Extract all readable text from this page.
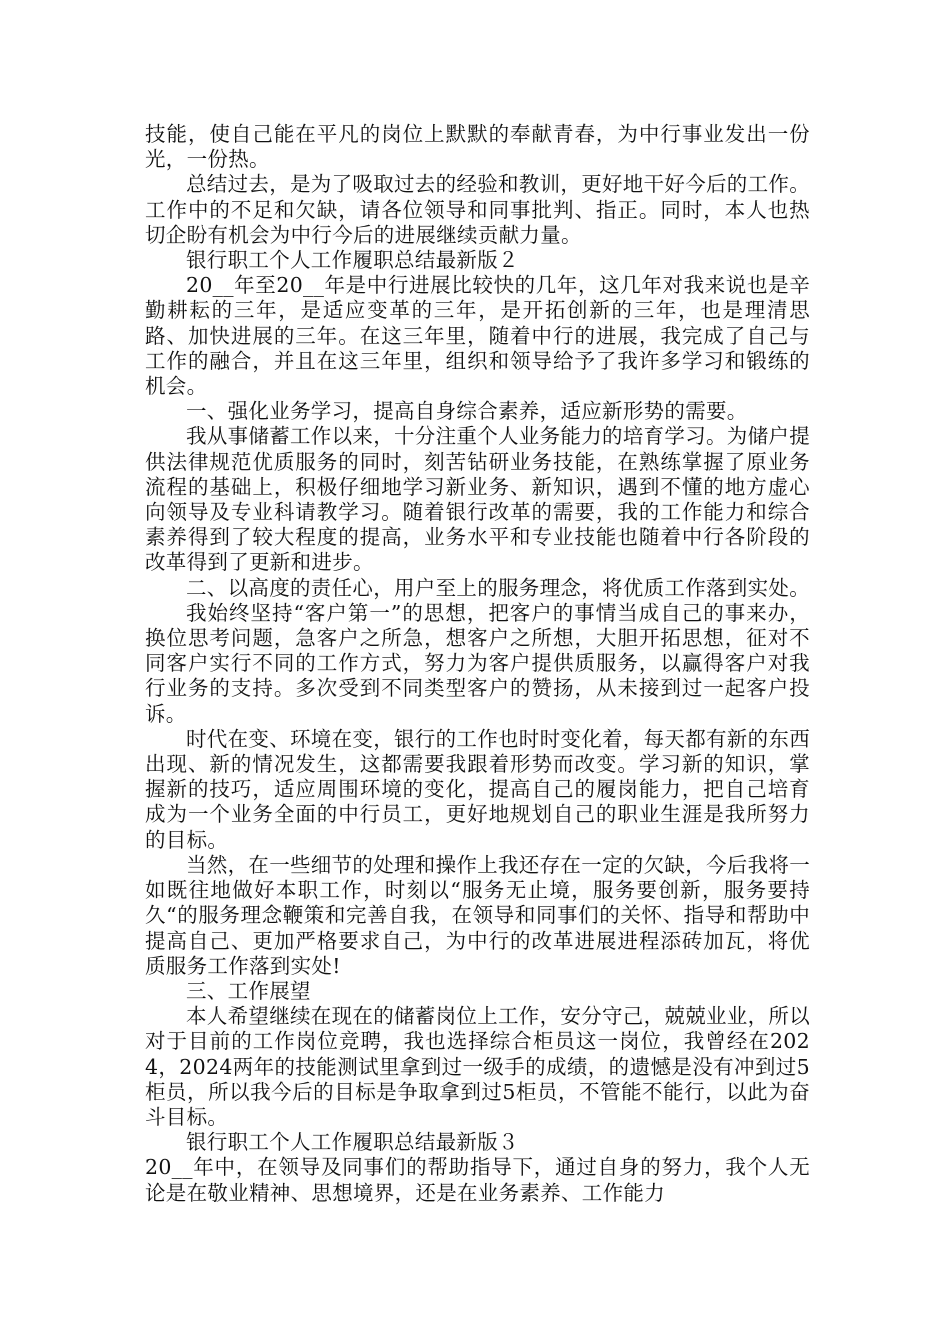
技能，使自己能在平凡的岗位上默默的奉献青春，为中行事业发出一份光，一份热。

总结过去，是为了吸取过去的经验和教训，更好地干好今后的工作。工作中的不足和欠缺，请各位领导和同事批判、指正。同时，本人也热切企盼有机会为中行今后的进展继续贡献力量。

银行职工个人工作履职总结最新版２

20__年至20__年是中行进展比较快的几年，这几年对我来说也是辛勤耕耘的三年，是适应变革的三年，是开拓创新的三年，也是理清思路、加快进展的三年。在这三年里，随着中行的进展，我完成了自己与工作的融合，并且在这三年里，组织和领导给予了我许多学习和锻练的机会。

一、强化业务学习，提高自身综合素养，适应新形势的需要。

我从事储蓄工作以来，十分注重个人业务能力的培育学习。为储户提供法律规范优质服务的同时，刻苦钻研业务技能，在熟练掌握了原业务流程的基础上，积极仔细地学习新业务、新知识，遇到不懂的地方虚心向领导及专业科请教学习。随着银行改革的需要，我的工作能力和综合素养得到了较大程度的提高，业务水平和专业技能也随着中行各阶段的改革得到了更新和进步。

二、以高度的责任心，用户至上的服务理念，将优质工作落到实处。

我始终坚持“客户第一”的思想，把客户的事情当成自己的事来办，换位思考问题，急客户之所急，想客户之所想，大胆开拓思想，征对不同客户实行不同的工作方式，努力为客户提供质服务，以赢得客户对我行业务的支持。多次受到不同类型客户的赞扬，从未接到过一起客户投诉。

时代在变、环境在变，银行的工作也时时变化着，每天都有新的东西出现、新的情况发生，这都需要我跟着形势而改变。学习新的知识，掌握新的技巧，适应周围环境的变化，提高自己的履岗能力，把自己培育成为一个业务全面的中行员工，更好地规划自己的职业生涯是我所努力的目标。

当然，在一些细节的处理和操作上我还存在一定的欠缺，今后我将一如既往地做好本职工作，时刻以“服务无止境，服务要创新，服务要持久“的服务理念鞭策和完善自我，在领导和同事们的关怀、指导和帮助中提高自己、更加严格要求自己，为中行的改革进展进程添砖加瓦，将优质服务工作落到实处!

三、工作展望

本人希望继续在现在的储蓄岗位上工作，安分守己，兢兢业业，所以对于目前的工作岗位竞聘，我也选择综合柜员这一岗位，我曾经在2024，2024两年的技能测试里拿到过一级手的成绩，的遗憾是没有冲到过5柜员，所以我今后的目标是争取拿到过5柜员，不管能不能行，以此为奋斗目标。

银行职工个人工作履职总结最新版３

20__年中，在领导及同事们的帮助指导下，通过自身的努力，我个人无论是在敬业精神、思想境界，还是在业务素养、工作能力
